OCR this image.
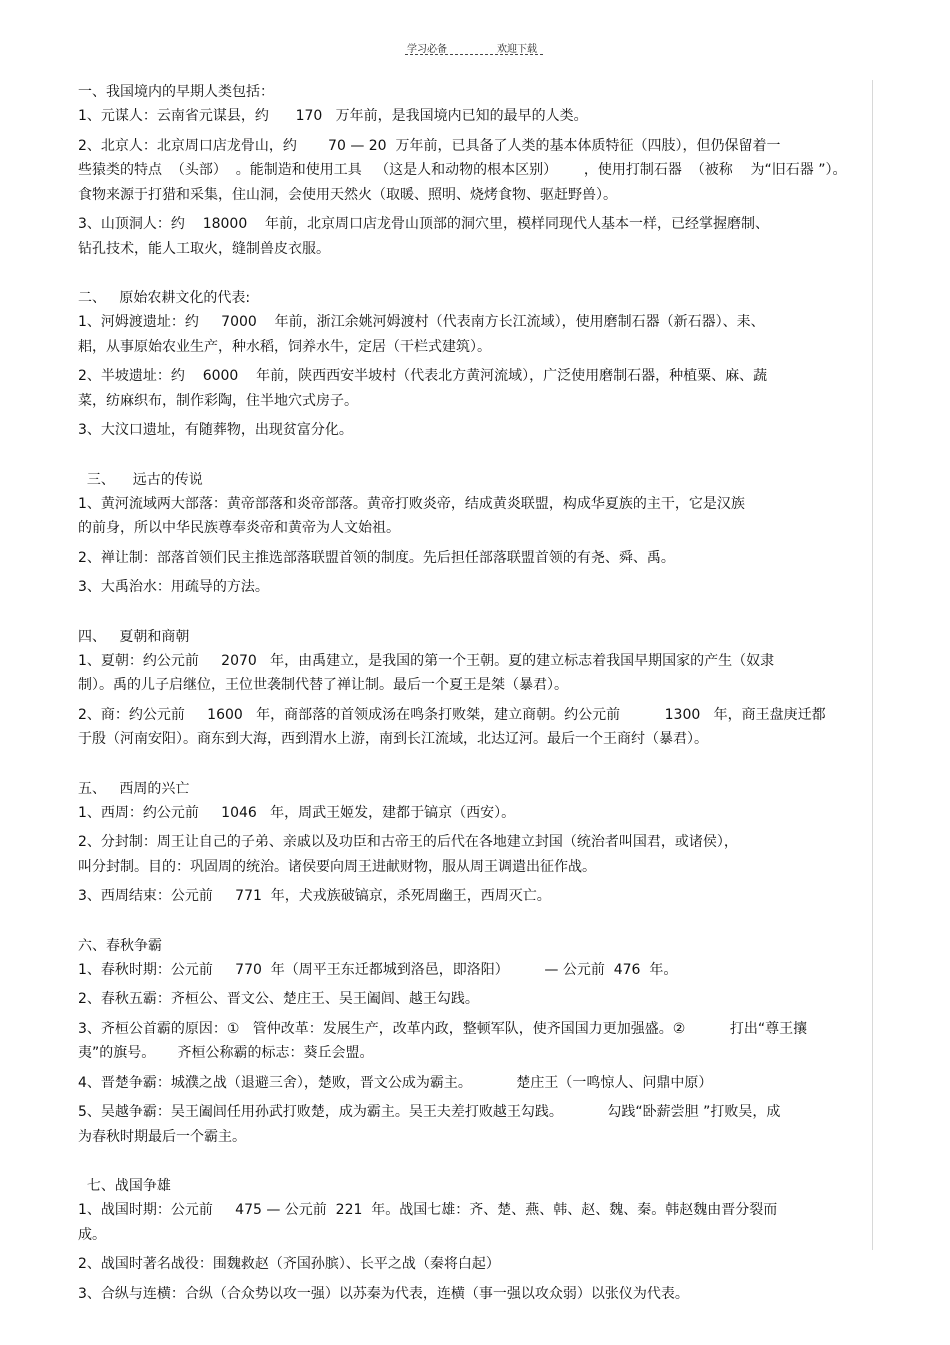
学习必备	欢迎下载
一、我国境内的早期人类包括：
1、元谋人：云南省元谋县，约      170   万年前，是我国境内已知的最早的人类。
2、北京人：北京周口店龙骨山，约       70 — 20  万年前，已具备了人类的基本体质特征（四肢），但仍保留着一
些猿类的特点  （头部）  。能制造和使用工具   （这是人和动物的根本区别）      ，使用打制石器  （被称    为“旧石器 ”）。
食物来源于打猎和采集，住山洞，会使用天然火（取暖、照明、烧烤食物、驱赶野兽）。
3、山顶洞人：约    18000    年前，北京周口店龙骨山顶部的洞穴里，模样同现代人基本一样，已经掌握磨制、
钻孔技术，能人工取火，缝制兽皮衣服。
二、   原始农耕文化的代表:
1、河姆渡遗址：约     7000    年前，浙江余姚河姆渡村（代表南方长江流域），使用磨制石器（新石器）、耒、
耜，从事原始农业生产，种水稻，饲养水牛，定居（干栏式建筑）。
2、半坡遗址：约    6000    年前，陕西西安半坡村（代表北方黄河流域），广泛使用磨制石器，种植粟、麻、蔬
菜，纺麻织布，制作彩陶，住半地穴式房子。
3、大汶口遗址，有随葬物，出现贫富分化。
三、    远古的传说
1、黄河流域两大部落：黄帝部落和炎帝部落。黄帝打败炎帝，结成黄炎联盟，构成华夏族的主干，它是汉族
的前身，所以中华民族尊奉炎帝和黄帝为人文始祖。
2、禅让制：部落首领们民主推选部落联盟首领的制度。先后担任部落联盟首领的有尧、舜、禹。
3、大禹治水：用疏导的方法。
四、   夏朝和商朝
1、夏朝：约公元前     2070   年，由禹建立，是我国的第一个王朝。夏的建立标志着我国早期国家的产生（奴隶
制）。禹的儿子启继位，王位世袭制代替了禅让制。最后一个夏王是桀（暴君）。
2、商：约公元前     1600   年，商部落的首领成汤在鸣条打败桀，建立商朝。约公元前          1300   年，商王盘庚迁都
于殷（河南安阳）。商东到大海，西到渭水上游，南到长江流域，北达辽河。最后一个王商纣（暴君）。
五、   西周的兴亡
1、西周：约公元前     1046   年，周武王姬发，建都于镐京（西安）。
2、分封制：周王让自己的子弟、亲戚以及功臣和古帝王的后代在各地建立封国（统治者叫国君，或诸侯），
叫分封制。目的：巩固周的统治。诸侯要向周王进献财物，服从周王调遣出征作战。
3、西周结束：公元前     771  年，犬戎族破镐京，杀死周幽王，西周灭亡。
六、春秋争霸
1、春秋时期：公元前     770  年（周平王东迁都城到洛邑，即洛阳）        — 公元前  476  年。
2、春秋五霸：齐桓公、晋文公、楚庄王、吴王阖闾、越王勾践。
3、齐桓公首霸的原因：①   管仲改革：发展生产，改革内政，整顿军队，使齐国国力更加强盛。②          打出“尊王攘
夷”的旗号。     齐桓公称霸的标志：葵丘会盟。
4、晋楚争霸：城濮之战（退避三舍），楚败，晋文公成为霸主。          楚庄王（一鸣惊人、问鼎中原）
5、吴越争霸：吴王阖闾任用孙武打败楚，成为霸主。吴王夫差打败越王勾践。          勾践“卧薪尝胆 ”打败吴，成
为春秋时期最后一个霸主。
七、战国争雄
1、战国时期：公元前     475 — 公元前  221  年。战国七雄：齐、楚、燕、韩、赵、魏、秦。韩赵魏由晋分裂而
成。
2、战国时著名战役：围魏救赵（齐国孙膑）、长平之战（秦将白起）
3、合纵与连横：合纵（合众势以攻一强）以苏秦为代表，连横（事一强以攻众弱）以张仪为代表。
